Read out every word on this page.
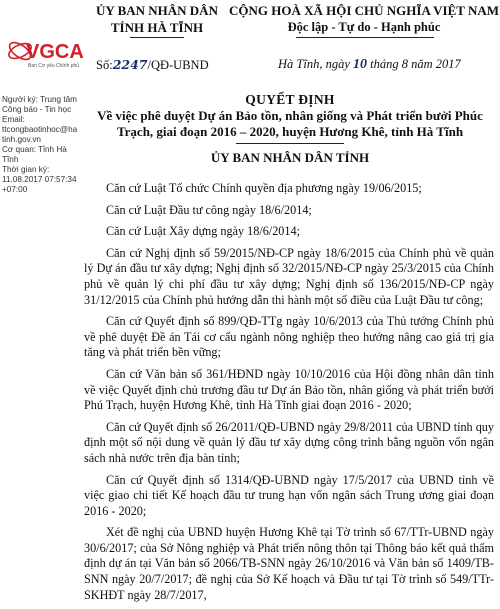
ỦY BAN NHÂN DÂN
TỈNH HÀ TĨNH
CỘNG HOÀ XÃ HỘI CHỦ NGHĨA VIỆT NAM
Độc lập - Tự do - Hạnh phúc
VGCA
Ban Cơ yếu Chính phủ Số:2247/QĐ-UBND	Hà Tĩnh, ngày 10 tháng 8 năm 2017
Người ký: Trung tâm Công báo - Tin học
Email: ttcongbaotinhoc@hatinh.gov.vn
Cơ quan: Tỉnh Hà Tĩnh
Thời gian ký: 11.08.2017 07:57:34 +07:00
QUYẾT ĐỊNH
Về việc phê duyệt Dự án Bảo tồn, nhân giống và Phát triển bưởi Phúc Trạch, giai đoạn 2016 – 2020, huyện Hương Khê, tỉnh Hà Tĩnh
ỦY BAN NHÂN DÂN TỈNH

Căn cứ Luật Tổ chức Chính quyền địa phương ngày 19/06/2015;

Căn cứ Luật Đầu tư công ngày 18/6/2014;

Căn cứ Luật Xây dựng ngày 18/6/2014;

Căn cứ Nghị định số 59/2015/NĐ-CP ngày 18/6/2015 của Chính phủ về quản lý Dự án đầu tư xây dựng; Nghị định số 32/2015/NĐ-CP ngày 25/3/2015 của Chính phủ về quản lý chi phí đầu tư xây dựng; Nghị định số 136/2015/NĐ-CP ngày 31/12/2015 của Chính phủ hướng dẫn thi hành một số điều của Luật Đầu tư công;

Căn cứ Quyết định số 899/QĐ-TTg ngày 10/6/2013 của Thủ tướng Chính phủ về phê duyệt Đề án Tái cơ cấu ngành nông nghiệp theo hướng nâng cao giá trị gia tăng và phát triển bền vững;

Căn cứ Văn bản số 361/HĐND ngày 10/10/2016 của Hội đồng nhân dân tỉnh về việc Quyết định chủ trương đầu tư Dự án Bảo tồn, nhân giống và phát triển bưởi Phú Trạch, huyện Hương Khê, tỉnh Hà Tĩnh giai đoạn 2016 - 2020;

Căn cứ Quyết định số 26/2011/QĐ-UBND ngày 29/8/2011 của UBND tỉnh quy định một số nội dung về quản lý đầu tư xây dựng công trình bằng nguồn vốn ngân sách nhà nước trên địa bàn tỉnh;

Căn cứ Quyết định số 1314/QĐ-UBND ngày 17/5/2017 của UBND tỉnh về việc giao chi tiết Kế hoạch đầu tư trung hạn vốn ngân sách Trung ương giai đoạn 2016 - 2020;

Xét đề nghị của UBND huyện Hương Khê tại Tờ trình số 67/TTr-UBND ngày 30/6/2017; của Sở Nông nghiệp và Phát triển nông thôn tại Thông báo kết quả thẩm định dự án tại Văn bản số 2066/TB-SNN ngày 26/10/2016 và Văn bản số 1409/TB-SNN ngày 20/7/2017; đề nghị của Sở Kế hoạch và Đầu tư tại Tờ trình số 549/TTr-SKHĐT ngày 28/7/2017,
